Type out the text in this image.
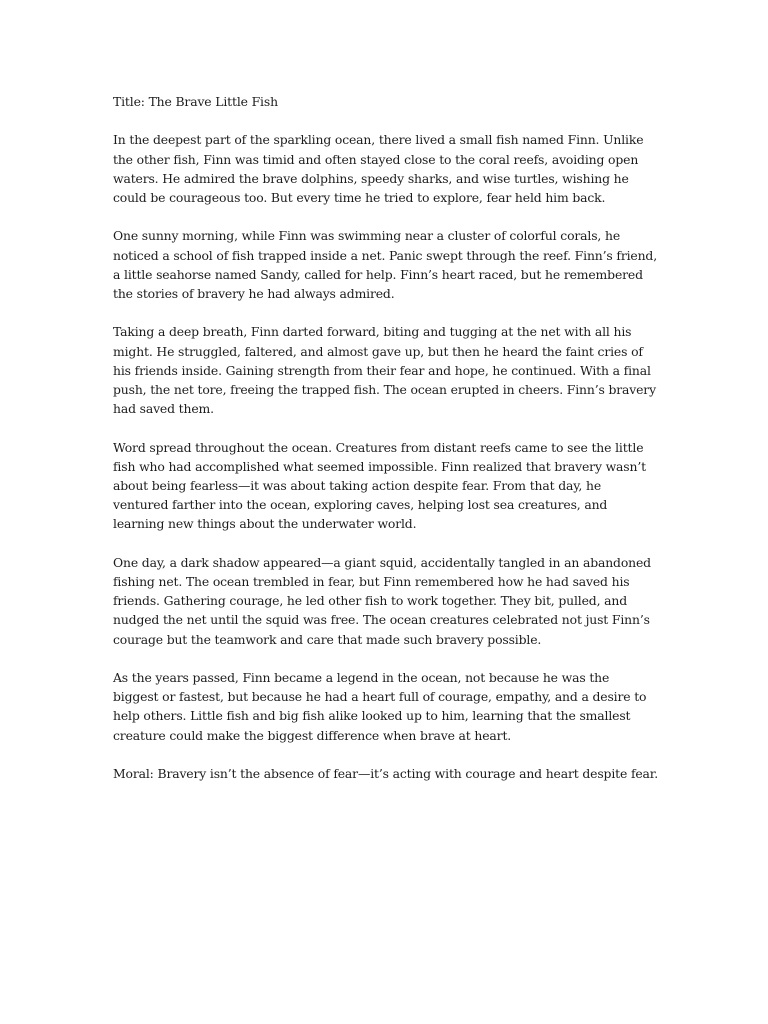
Title: The Brave Little Fish

In the deepest part of the sparkling ocean, there lived a small fish named Finn. Unlike the other fish, Finn was timid and often stayed close to the coral reefs, avoiding open waters. He admired the brave dolphins, speedy sharks, and wise turtles, wishing he could be courageous too. But every time he tried to explore, fear held him back.

One sunny morning, while Finn was swimming near a cluster of colorful corals, he noticed a school of fish trapped inside a net. Panic swept through the reef. Finn’s friend, a little seahorse named Sandy, called for help. Finn’s heart raced, but he remembered the stories of bravery he had always admired.

Taking a deep breath, Finn darted forward, biting and tugging at the net with all his might. He struggled, faltered, and almost gave up, but then he heard the faint cries of his friends inside. Gaining strength from their fear and hope, he continued. With a final push, the net tore, freeing the trapped fish. The ocean erupted in cheers. Finn’s bravery had saved them.

Word spread throughout the ocean. Creatures from distant reefs came to see the little fish who had accomplished what seemed impossible. Finn realized that bravery wasn’t about being fearless—it was about taking action despite fear. From that day, he ventured farther into the ocean, exploring caves, helping lost sea creatures, and learning new things about the underwater world.

One day, a dark shadow appeared—a giant squid, accidentally tangled in an abandoned fishing net. The ocean trembled in fear, but Finn remembered how he had saved his friends. Gathering courage, he led other fish to work together. They bit, pulled, and nudged the net until the squid was free. The ocean creatures celebrated not just Finn’s courage but the teamwork and care that made such bravery possible.

As the years passed, Finn became a legend in the ocean, not because he was the biggest or fastest, but because he had a heart full of courage, empathy, and a desire to help others. Little fish and big fish alike looked up to him, learning that the smallest creature could make the biggest difference when brave at heart.

Moral: Bravery isn’t the absence of fear—it’s acting with courage and heart despite fear.
